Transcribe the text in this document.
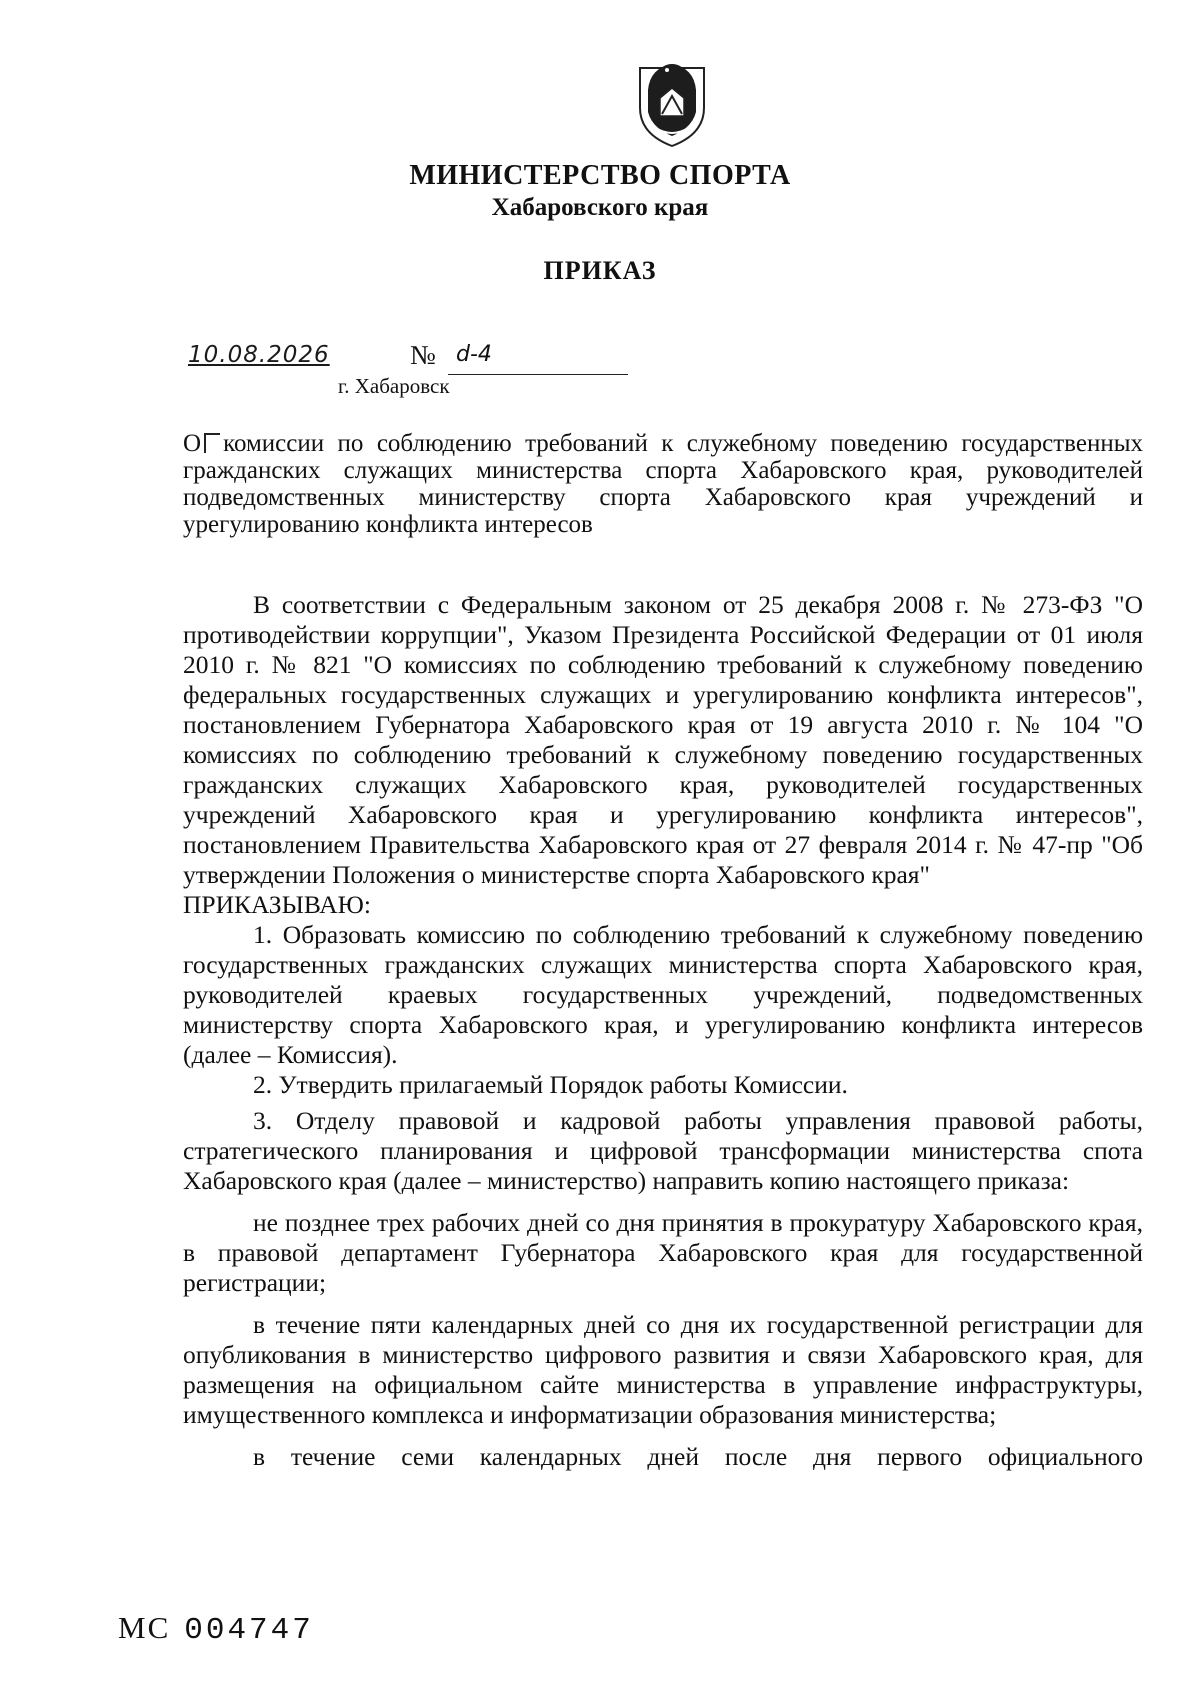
МИНИСТЕРСТВО СПОРТА
Хабаровского края
ПРИКАЗ
10.08.2026	№ d-4
г. Хабаровск
О комиссии по соблюдению требований к служебному поведению государственных гражданских служащих министерства спорта Хабаровского края, руководителей подведомственных министерству спорта Хабаровского края учреждений и урегулированию конфликта интересов

В соответствии с Федеральным законом от 25 декабря 2008 г. № 273-ФЗ "О противодействии коррупции", Указом Президента Российской Федерации от 01 июля 2010 г. № 821 "О комиссиях по соблюдению требований к служебному поведению федеральных государственных служащих и урегулированию конфликта интересов", постановлением Губернатора Хабаровского края от 19 августа 2010 г. № 104 "О комиссиях по соблюдению требований к служебному поведению государственных гражданских служащих Хабаровского края, руководителей государственных учреждений Хабаровского края и урегулированию конфликта интересов", постановлением Правительства Хабаровского края от 27 февраля 2014 г. № 47-пр "Об утверждении Положения о министерстве спорта Хабаровского края"

ПРИКАЗЫВАЮ:

1. Образовать комиссию по соблюдению требований к служебному поведению государственных гражданских служащих министерства спорта Хабаровского края, руководителей краевых государственных учреждений, подведомственных министерству спорта Хабаровского края, и урегулированию конфликта интересов (далее – Комиссия).

2. Утвердить прилагаемый Порядок работы Комиссии.

3. Отделу правовой и кадровой работы управления правовой работы, стратегического планирования и цифровой трансформации министерства спота Хабаровского края (далее – министерство) направить копию настоящего приказа:

не позднее трех рабочих дней со дня принятия в прокуратуру Хабаровского края, в правовой департамент Губернатора Хабаровского края для государственной регистрации;

в течение пяти календарных дней со дня их государственной регистрации для опубликования в министерство цифрового развития и связи Хабаровского края, для размещения на официальном сайте министерства в управление инфраструктуры, имущественного комплекса и информатизации образования министерства;

в течение семи календарных дней после дня первого официального

МС 004747
